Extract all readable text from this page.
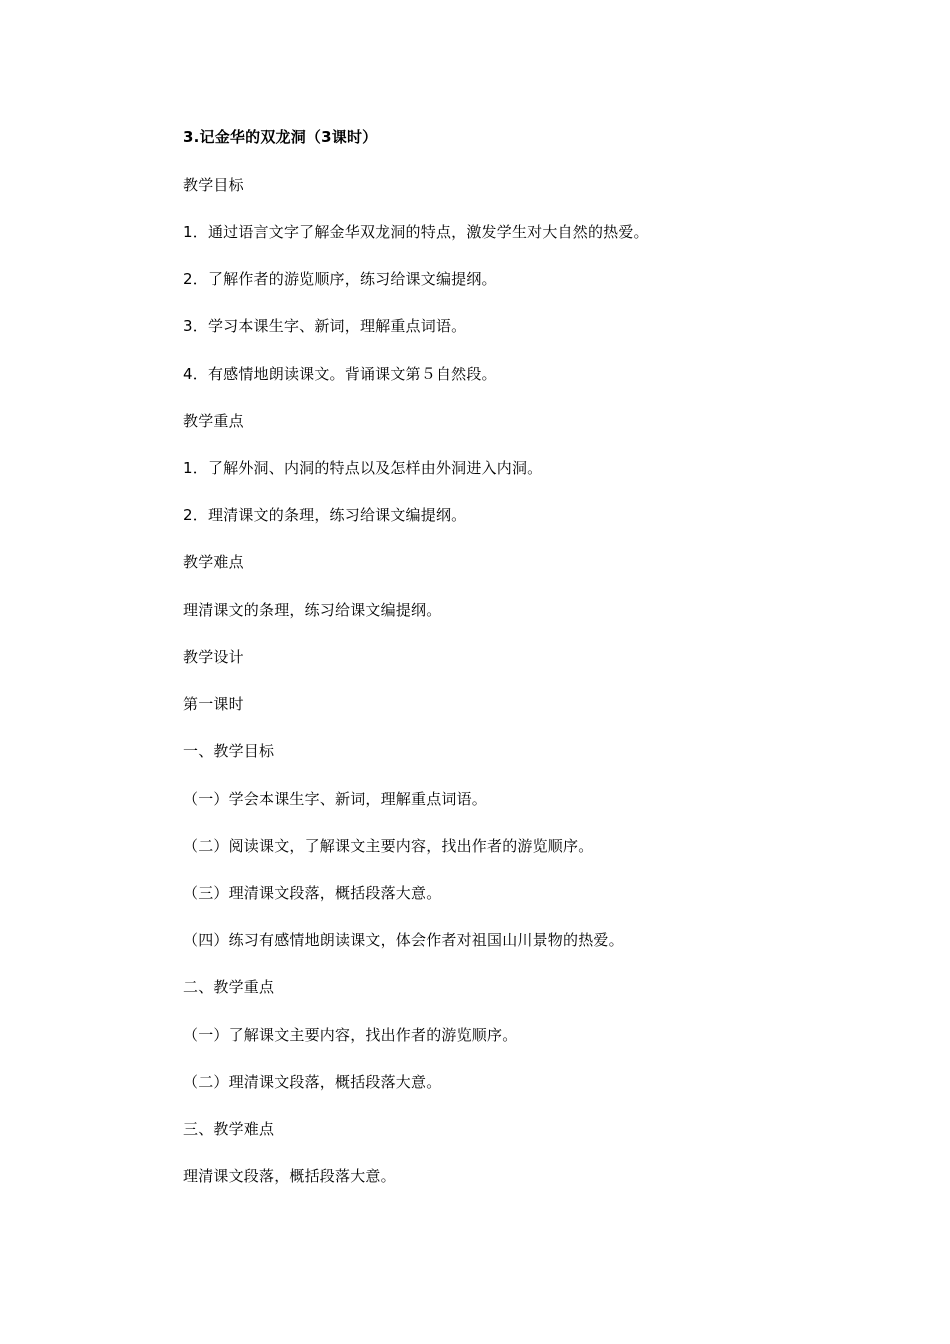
3.记金华的双龙洞（3课时）
教学目标
1．通过语言文字了解金华双龙洞的特点，激发学生对大自然的热爱。
2．了解作者的游览顺序，练习给课文编提纲。
3．学习本课生字、新词，理解重点词语。
4．有感情地朗读课文。背诵课文第５自然段。
教学重点
1．了解外洞、内洞的特点以及怎样由外洞进入内洞。
2．理清课文的条理，练习给课文编提纲。
教学难点
理清课文的条理，练习给课文编提纲。
教学设计
第一课时
一、教学目标
（一）学会本课生字、新词，理解重点词语。
（二）阅读课文，了解课文主要内容，找出作者的游览顺序。
（三）理清课文段落，概括段落大意。
（四）练习有感情地朗读课文，体会作者对祖国山川景物的热爱。
二、教学重点
（一）了解课文主要内容，找出作者的游览顺序。
（二）理清课文段落，概括段落大意。
三、教学难点
理清课文段落，概括段落大意。
